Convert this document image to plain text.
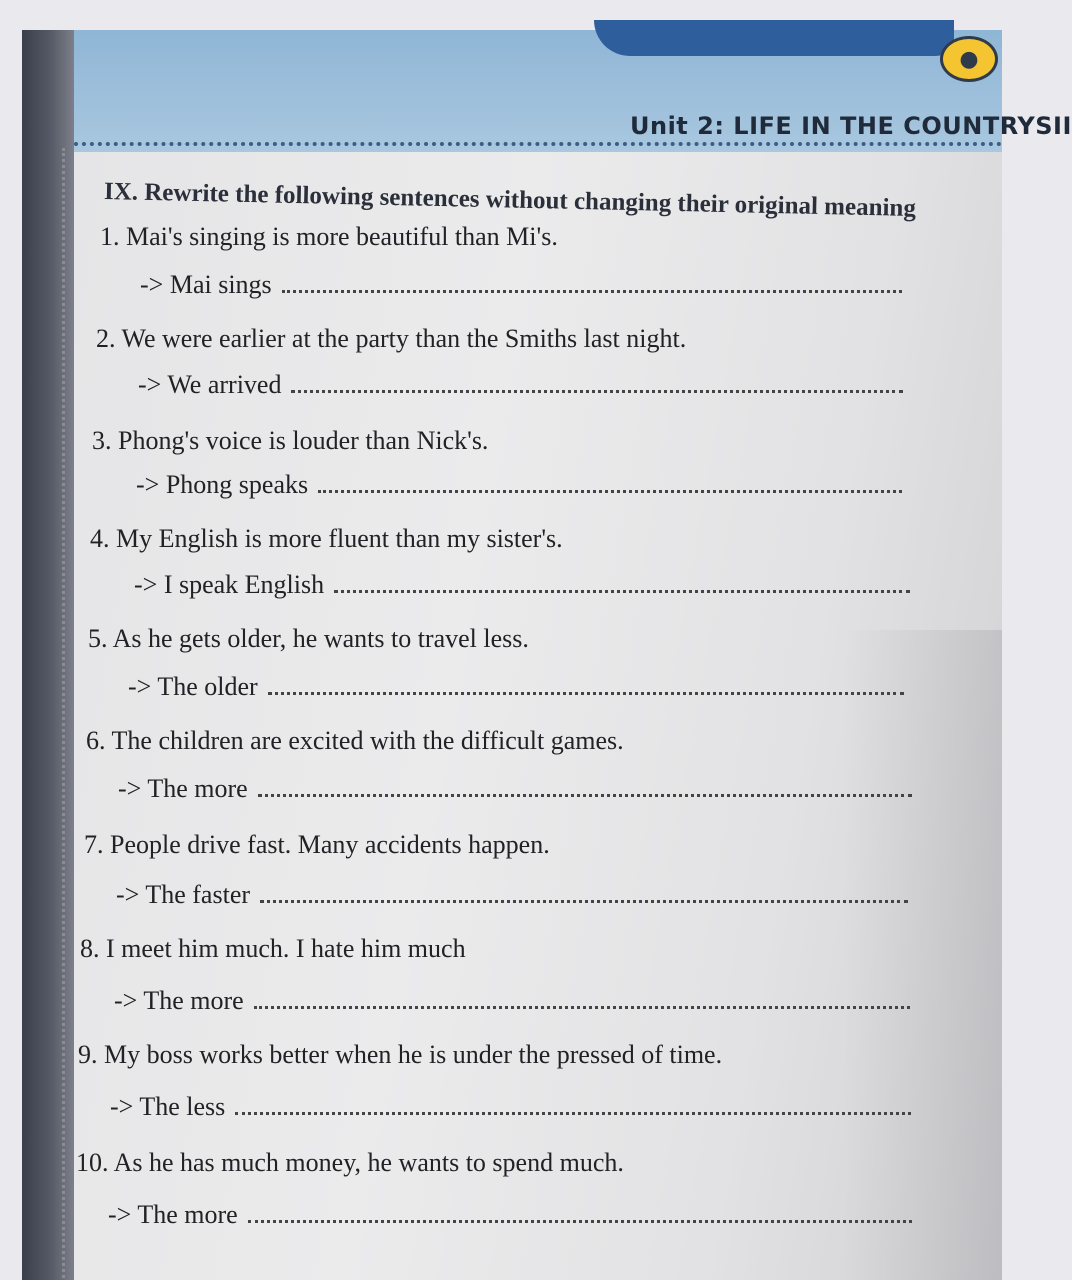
●
Unit 2: LIFE IN THE COUNTRYSII
IX. Rewrite the following sentences without changing their original meaning
1. Mai's singing is more beautiful than Mi's.
-> Mai sings
2. We were earlier at the party than the Smiths last night.
-> We arrived
3. Phong's voice is louder than Nick's.
-> Phong speaks
4. My English is more fluent than my sister's.
-> I speak English
5. As he gets older, he wants to travel less.
-> The older
6. The children are excited with the difficult games.
-> The more
7. People drive fast. Many accidents happen.
-> The faster
8. I meet him much. I hate him much
-> The more
9. My boss works better when he is under the pressed of time.
-> The less
10. As he has much money, he wants to spend much.
-> The more
